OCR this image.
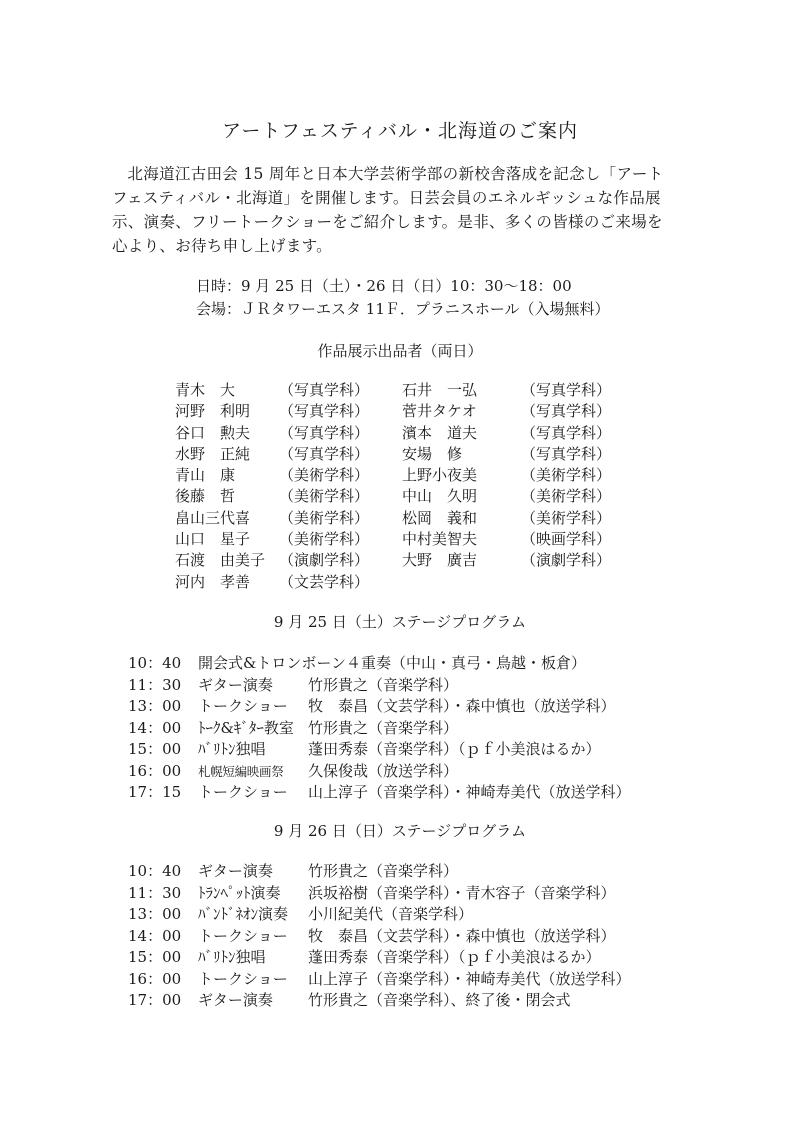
アートフェスティバル・北海道のご案内

北海道江古田会 15 周年と日本大学芸術学部の新校舎落成を記念し「アート

フェスティバル・北海道」を開催します。日芸会員のエネルギッシュな作品展
示、演奏、フリートークショーをご紹介します。是非、多くの皆様のご来場を
心より、お待ち申し上げます。
日時：9 月 25 日（土）・26 日（日）10：30〜18：00
会場：ＪＲタワーエスタ 11Ｆ．プラニスホール（入場無料）
作品展示出品者（両日）
青木　大	（写真学科） 石井　一弘	（写真学科）
河野　利明	（写真学科） 菅井タケオ	（写真学科）
谷口　勲夫	（写真学科） 濱本　道夫	（写真学科）
水野　正純	（写真学科） 安場　修	（写真学科）
青山　康	（美術学科） 上野小夜美	（美術学科）
後藤　哲	（美術学科） 中山　久明	（美術学科）
畠山三代喜	（美術学科） 松岡　義和	（美術学科）
山口　星子	（美術学科） 中村美智夫	（映画学科）
石渡　由美子 （演劇学科） 大野　廣吉	（演劇学科）
河内　孝善	（文芸学科）
9 月 25 日（土）ステージプログラム
10：40	開会式&トロンボーン４重奏（中山・真弓・鳥越・板倉）
11：30	ギター演奏	竹形貴之（音楽学科）
13：00	トークショー	牧　泰昌（文芸学科）・森中慎也（放送学科）
14：00	ﾄｰｸ&ｷﾞﾀｰ教室 竹形貴之（音楽学科）
15：00	ﾊﾞﾘﾄﾝ独唱	蓬田秀泰（音楽学科）（ｐｆ小美浪はるか）
16：00	札幌短編映画祭	久保俊哉（放送学科）
17：15	トークショー	山上淳子（音楽学科）・神崎寿美代（放送学科）
9 月 26 日（日）ステージプログラム
10：40	ギター演奏	竹形貴之（音楽学科）
11：30	ﾄﾗﾝﾍﾟｯﾄ演奏	浜坂裕樹（音楽学科）・青木容子（音楽学科）
13：00	ﾊﾞﾝﾄﾞﾈｵﾝ演奏	小川紀美代（音楽学科）
14：00	トークショー	牧　泰昌（文芸学科）・森中慎也（放送学科）
15：00	ﾊﾞﾘﾄﾝ独唱	蓬田秀泰（音楽学科）（ｐｆ小美浪はるか）
16：00	トークショー	山上淳子（音楽学科）・神崎寿美代（放送学科）
17：00	ギター演奏	竹形貴之（音楽学科）、終了後・閉会式
